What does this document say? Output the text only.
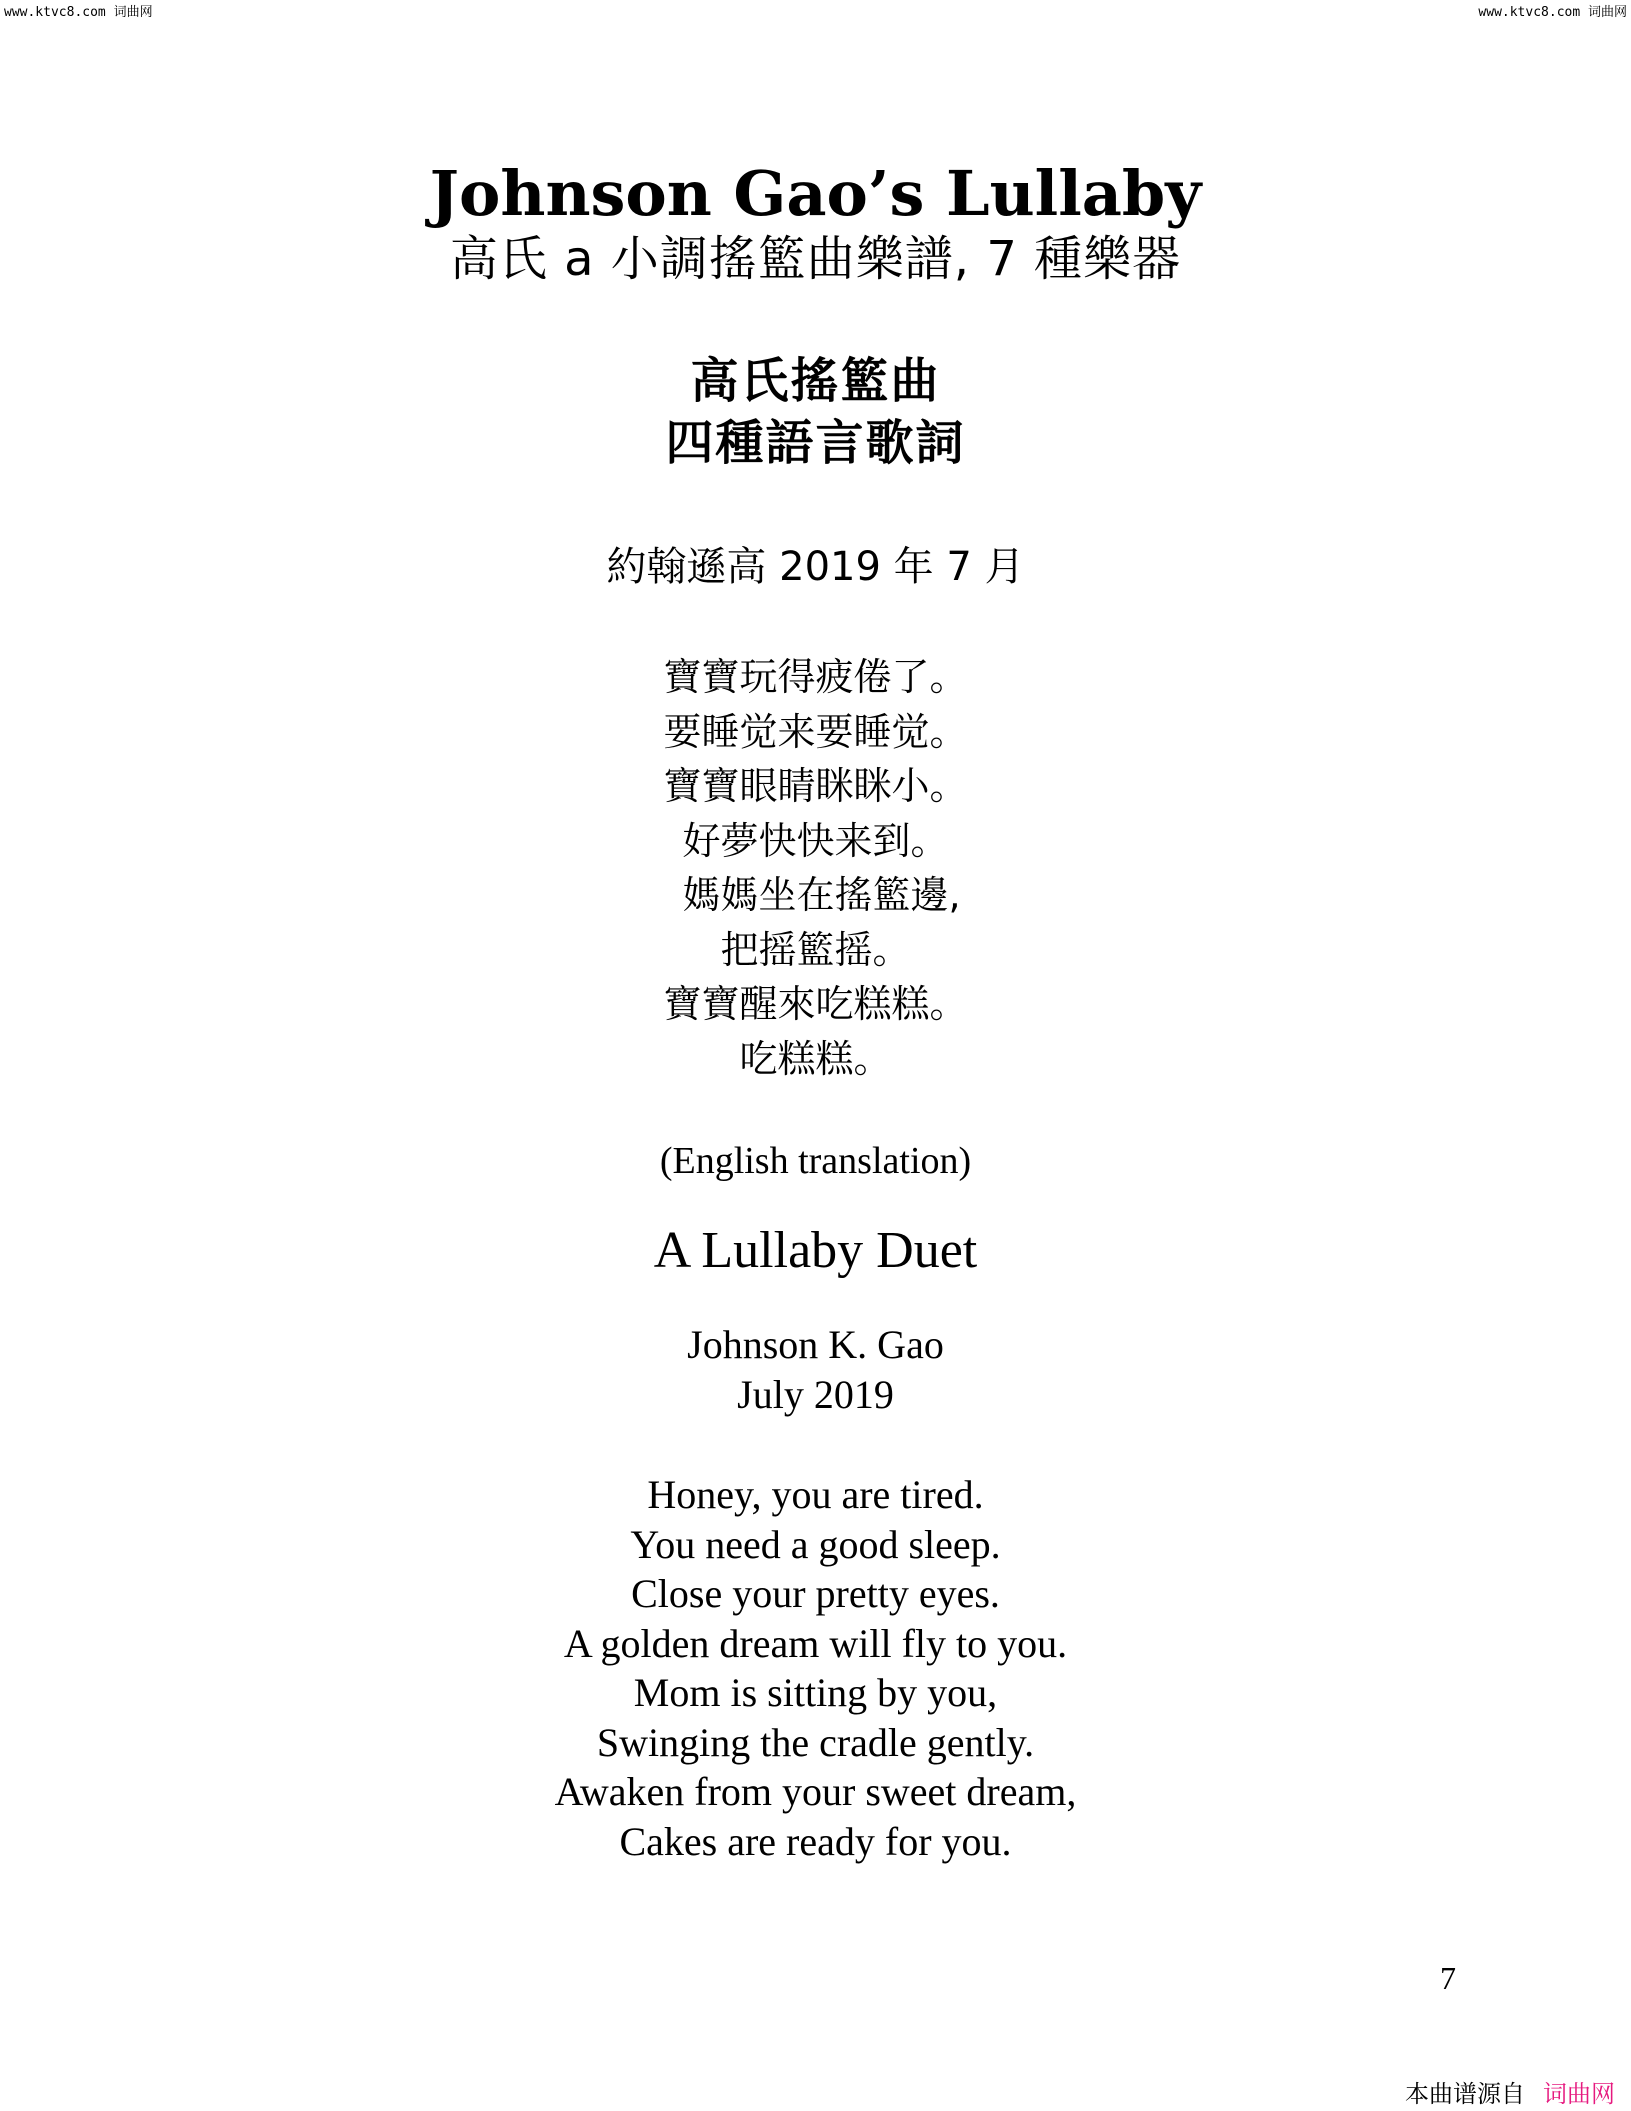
www.ktvc8.com 词曲网	www.ktvc8.com 词曲网
Johnson Gao’s Lullaby
高氏 a 小調搖籃曲樂譜, 7 種樂器
高氏搖籃曲
四種語言歌詞
約翰遜高 2019 年 7 月
寶寶玩得疲倦了。
要睡觉来要睡觉。
寶寶眼睛眯眯小。
好夢快快来到。
媽媽坐在搖籃邊,
把摇籃摇。
寶寶醒來吃糕糕。
吃糕糕。
(English translation)
A Lullaby Duet
Johnson K. Gao
July 2019
Honey, you are tired.
You need a good sleep.
Close your pretty eyes.
A golden dream will fly to you.
Mom is sitting by you,
Swinging the cradle gently.
Awaken from your sweet dream,
Cakes are ready for you.
7
本曲谱源自 词曲网
